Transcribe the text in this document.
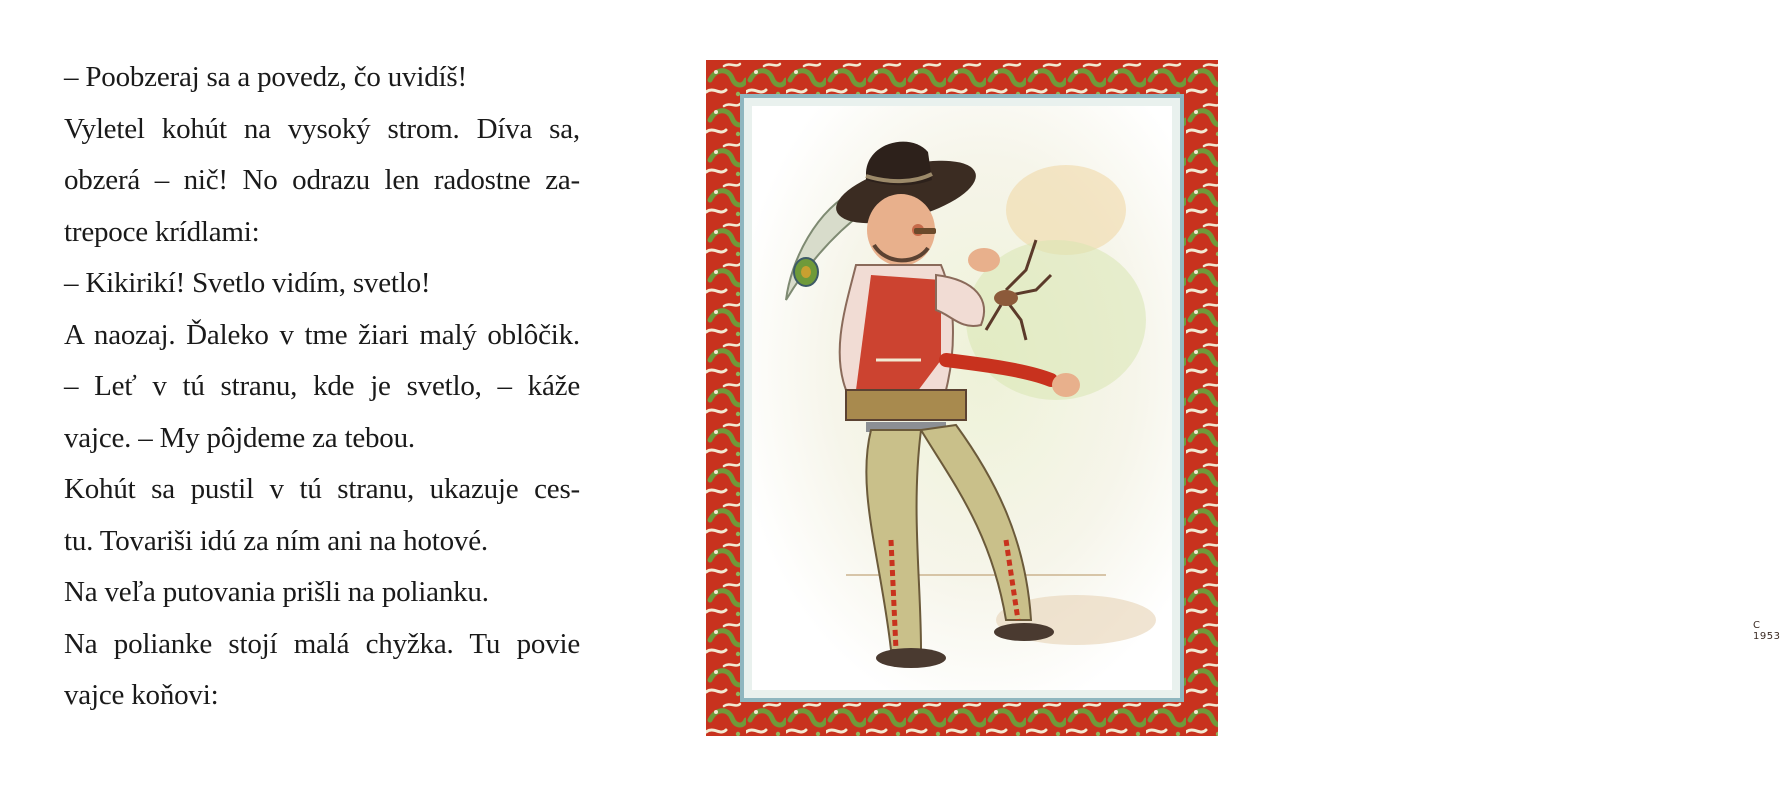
– Poobzeraj sa a povedz, čo uvidíš!
Vyletel kohút na vysoký strom. Díva sa,
obzerá – nič! No odrazu len radostne za-
trepoce krídlami:
– Kikirikí! Svetlo vidím, svetlo!
A naozaj. Ďaleko v tme žiari malý oblôčik.
– Leť v tú stranu, kde je svetlo, – káže
vajce. – My pôjdeme za tebou.
Kohút sa pustil v tú stranu, ukazuje ces-
tu. Tovariši idú za ním ani na hotové.
Na veľa putovania prišli na polianku.
Na polianke stojí malá chyžka. Tu povie
vajce koňovi:
C 1953
